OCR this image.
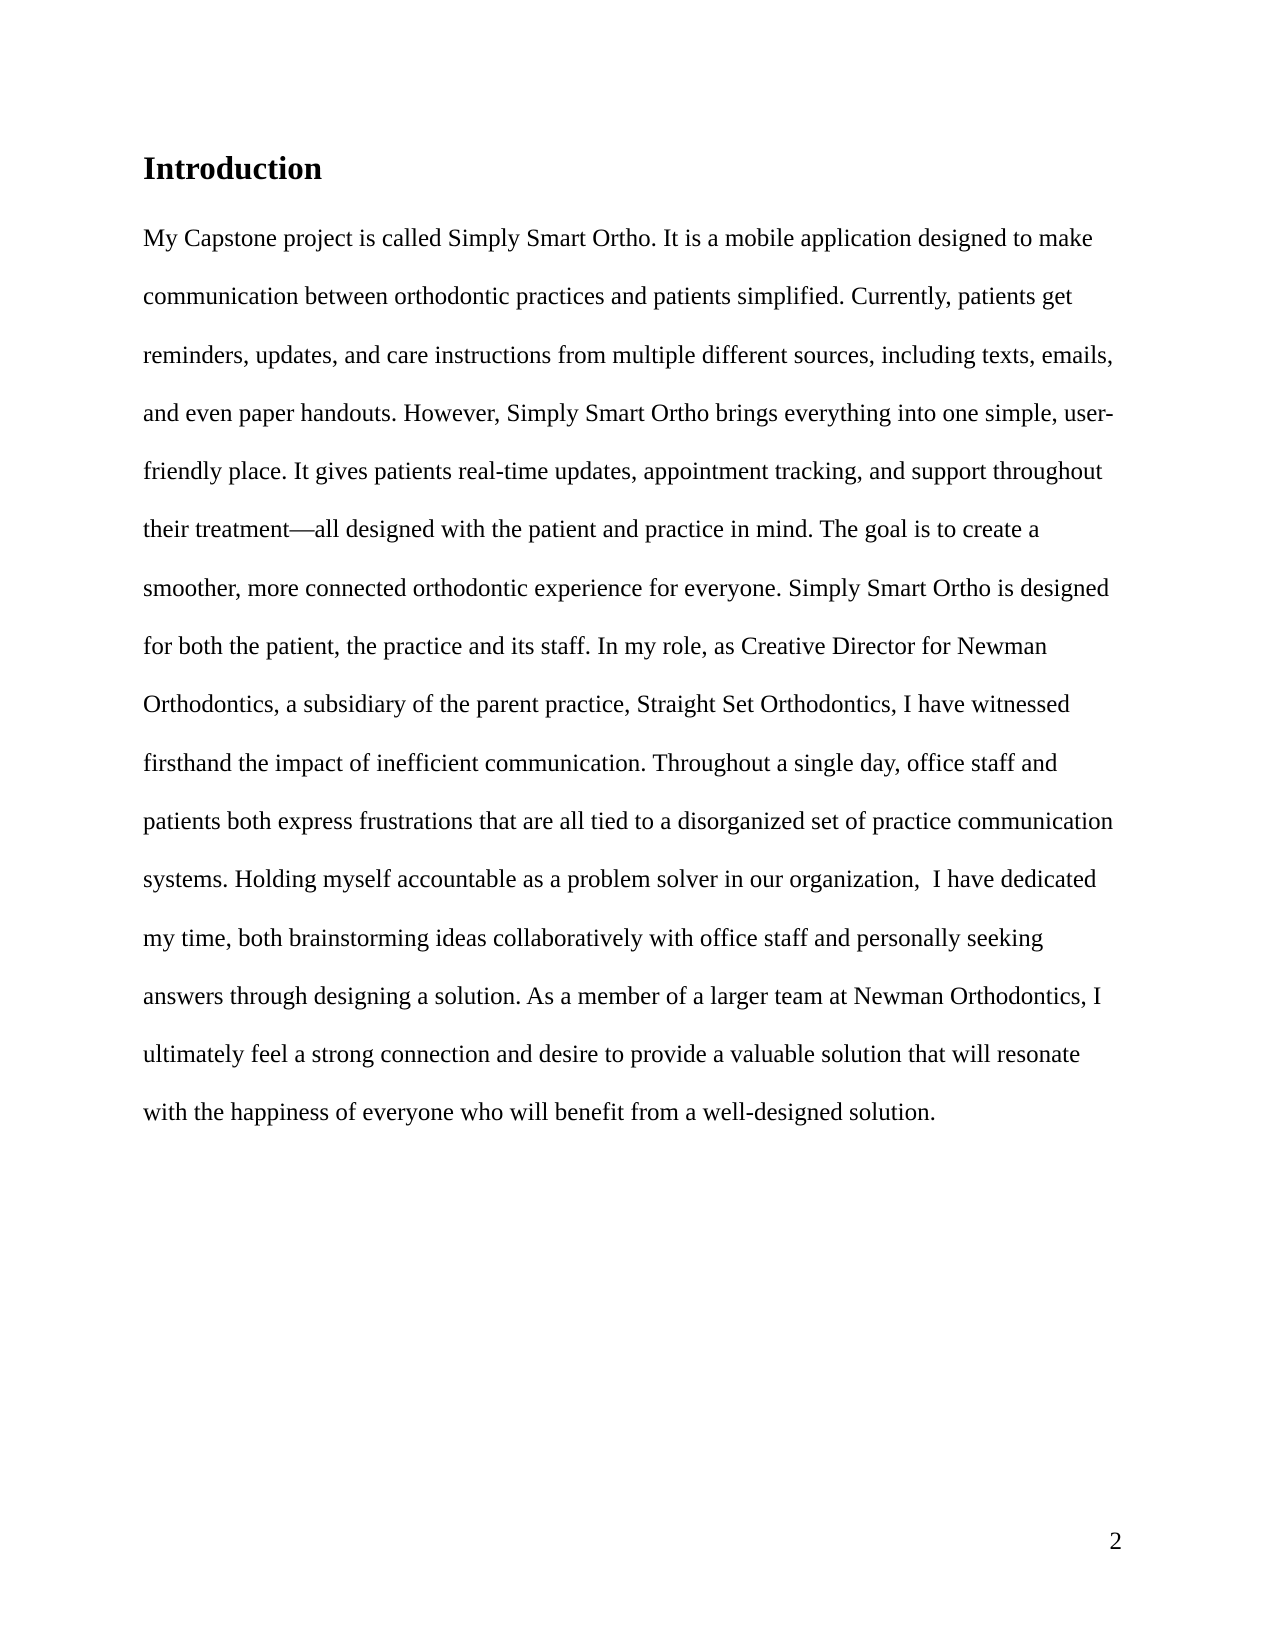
Introduction
My Capstone project is called Simply Smart Ortho. It is a mobile application designed to make
communication between orthodontic practices and patients simplified. Currently, patients get
reminders, updates, and care instructions from multiple different sources, including texts, emails,
and even paper handouts. However, Simply Smart Ortho brings everything into one simple, user-
friendly place. It gives patients real-time updates, appointment tracking, and support throughout
their treatment—all designed with the patient and practice in mind. The goal is to create a
smoother, more connected orthodontic experience for everyone. Simply Smart Ortho is designed
for both the patient, the practice and its staff. In my role, as Creative Director for Newman
Orthodontics, a subsidiary of the parent practice, Straight Set Orthodontics, I have witnessed
firsthand the impact of inefficient communication. Throughout a single day, office staff and
patients both express frustrations that are all tied to a disorganized set of practice communication
systems. Holding myself accountable as a problem solver in our organization,  I have dedicated
my time, both brainstorming ideas collaboratively with office staff and personally seeking
answers through designing a solution. As a member of a larger team at Newman Orthodontics, I
ultimately feel a strong connection and desire to provide a valuable solution that will resonate
with the happiness of everyone who will benefit from a well-designed solution.
2
